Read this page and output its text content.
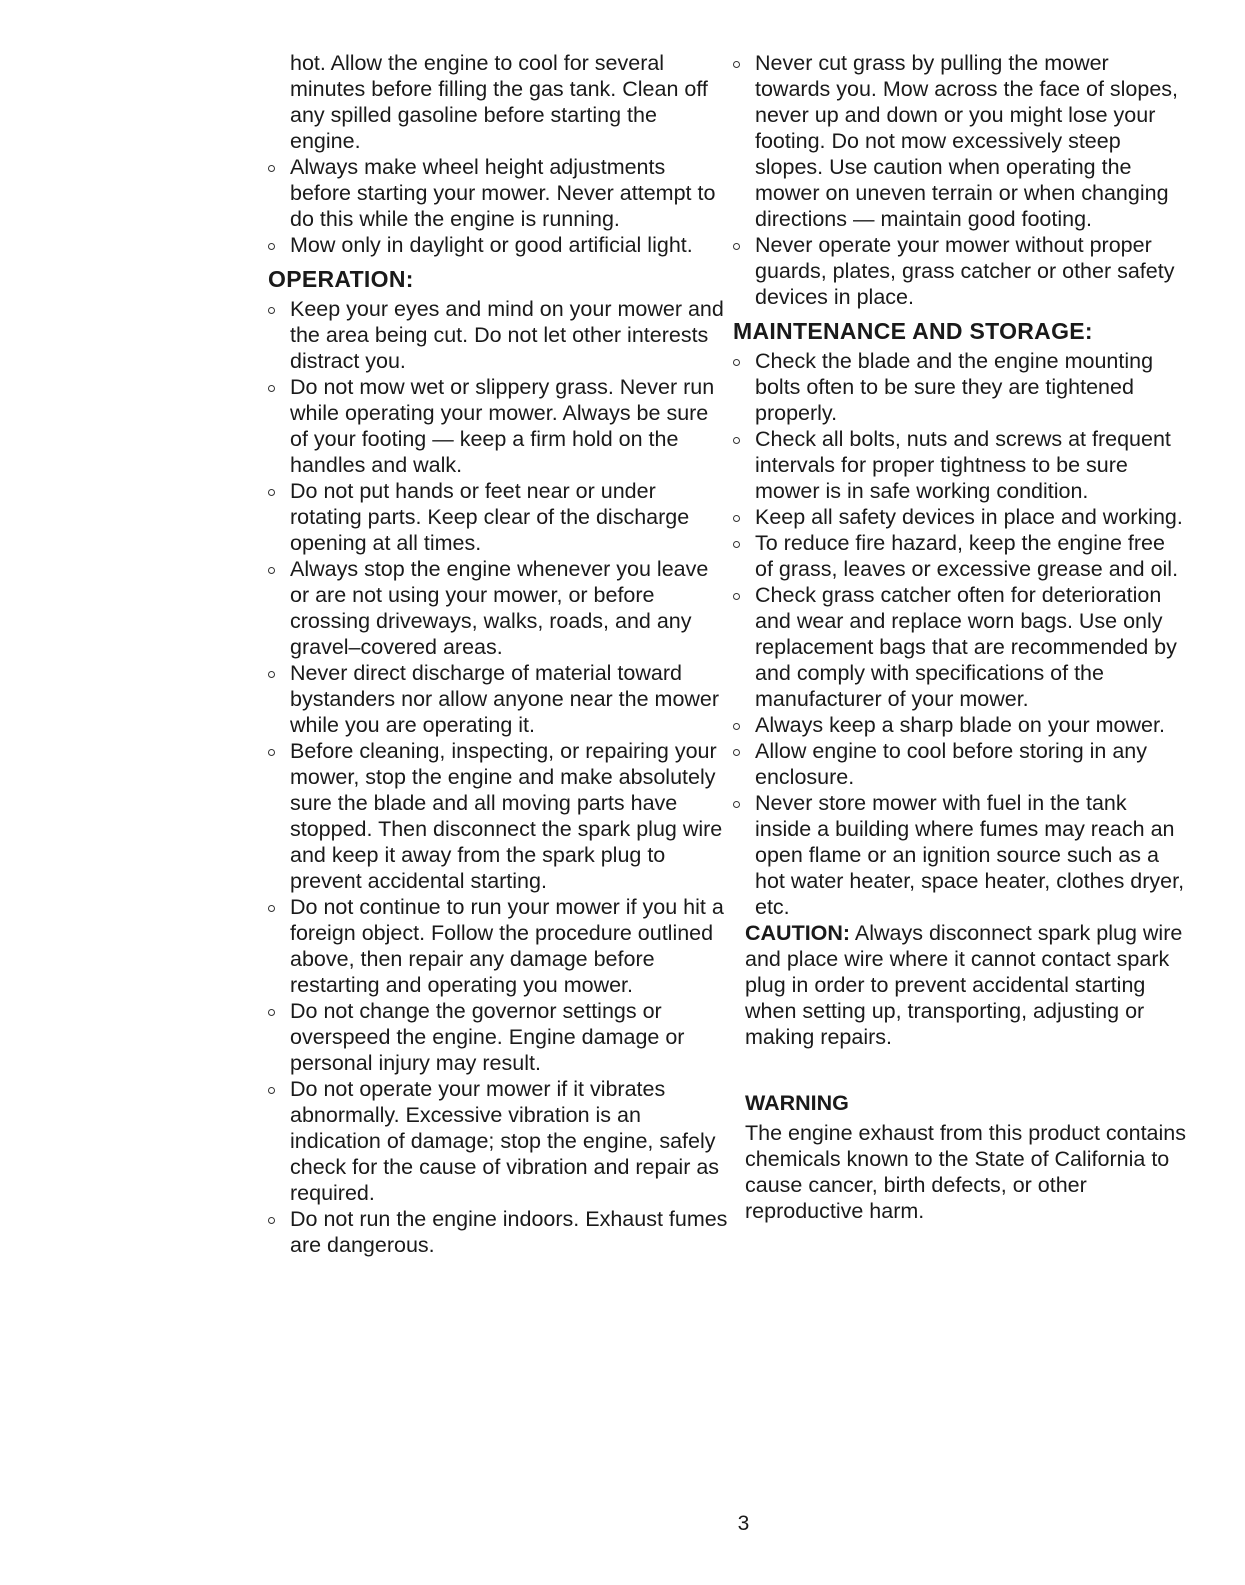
hot. Allow the engine to cool for several minutes before filling the gas tank. Clean off any spilled gasoline before starting the engine.

Always make wheel height adjustments before starting your mower. Never attempt to do this while the engine is running.
Mow only in daylight or good artificial light.
OPERATION:
Keep your eyes and mind on your mower and the area being cut. Do not let other interests distract you.
Do not mow wet or slippery grass. Never run while operating your mower. Always be sure of your footing — keep a firm hold on the handles and walk.
Do not put hands or feet near or under rotating parts. Keep clear of the discharge opening at all times.
Always stop the engine whenever you leave or are not using your mower, or before crossing driveways, walks, roads, and any gravel–covered areas.
Never direct discharge of material toward bystanders nor allow anyone near the mower while you are operating it.
Before cleaning, inspecting, or repairing your mower, stop the engine and make absolutely sure the blade and all moving parts have stopped. Then disconnect the spark plug wire and keep it away from the spark plug to prevent accidental starting.
Do not continue to run your mower if you hit a foreign object. Follow the procedure outlined above, then repair any damage before restarting and operating you mower.
Do not change the governor settings or overspeed the engine. Engine damage or personal injury may result.
Do not operate your mower if it vibrates abnormally. Excessive vibration is an indication of damage; stop the engine, safely check for the cause of vibration and repair as required.
Do not run the engine indoors. Exhaust fumes are dangerous.
Never cut grass by pulling the mower towards you. Mow across the face of slopes, never up and down or you might lose your footing. Do not mow excessively steep slopes. Use caution when operating the mower on uneven terrain or when changing directions — maintain good footing.
Never operate your mower without proper guards, plates, grass catcher or other safety devices in place.
MAINTENANCE AND STORAGE:
Check the blade and the engine mounting bolts often to be sure they are tightened properly.
Check all bolts, nuts and screws at frequent intervals for proper tightness to be sure mower is in safe working condition.
Keep all safety devices in place and working.
To reduce fire hazard, keep the engine free of grass, leaves or excessive grease and oil.
Check grass catcher often for deterioration and wear and replace worn bags. Use only replacement bags that are recommended by and comply with specifications of the manufacturer of your mower.
Always keep a sharp blade on your mower.
Allow engine to cool before storing in any enclosure.
Never store mower with fuel in the tank inside a building where fumes may reach an open flame or an ignition source such as a hot water heater, space heater, clothes dryer, etc.

CAUTION: Always disconnect spark plug wire and place wire where it cannot contact spark plug in order to prevent accidental starting when setting up, transporting, adjusting or making repairs.

WARNING

The engine exhaust from this product contains chemicals known to the State of California to cause cancer, birth defects, or other reproductive harm.

3
